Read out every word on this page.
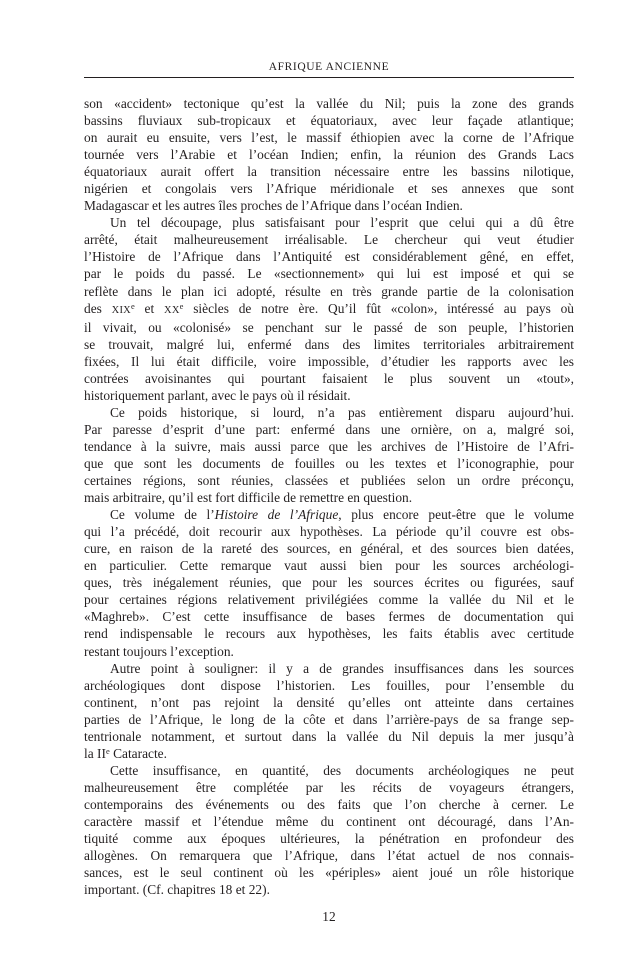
AFRIQUE ANCIENNE
son «accident» tectonique qu’est la vallée du Nil; puis la zone des grands
bassins fluviaux sub-tropicaux et équatoriaux, avec leur façade atlantique;
on aurait eu ensuite, vers l’est, le massif éthiopien avec la corne de l’Afrique
tournée vers l’Arabie et l’océan Indien; enfin, la réunion des Grands Lacs
équatoriaux aurait offert la transition nécessaire entre les bassins nilotique,
nigérien et congolais vers l’Afrique méridionale et ses annexes que sont
Madagascar et les autres îles proches de l’Afrique dans l’océan Indien.
Un tel découpage, plus satisfaisant pour l’esprit que celui qui a dû être
arrêté, était malheureusement irréalisable. Le chercheur qui veut étudier
l’Histoire de l’Afrique dans l’Antiquité est considérablement gêné, en effet,
par le poids du passé. Le «sectionnement» qui lui est imposé et qui se
reflète dans le plan ici adopté, résulte en très grande partie de la colonisation
des XIXe et XXe siècles de notre ère. Qu’il fût «colon», intéressé au pays où
il vivait, ou «colonisé» se penchant sur le passé de son peuple, l’historien
se trouvait, malgré lui, enfermé dans des limites territoriales arbitrairement
fixées, Il lui était difficile, voire impossible, d’étudier les rapports avec les
contrées avoisinantes qui pourtant faisaient le plus souvent un «tout»,
historiquement parlant, avec le pays où il résidait.
Ce poids historique, si lourd, n’a pas entièrement disparu aujourd’hui.
Par paresse d’esprit d’une part: enfermé dans une ornière, on a, malgré soi,
tendance à la suivre, mais aussi parce que les archives de l’Histoire de l’Afri-
que que sont les documents de fouilles ou les textes et l’iconographie, pour
certaines régions, sont réunies, classées et publiées selon un ordre préconçu,
mais arbitraire, qu’il est fort difficile de remettre en question.
Ce volume de l’Histoire de l’Afrique, plus encore peut-être que le volume
qui l’a précédé, doit recourir aux hypothèses. La période qu’il couvre est obs-
cure, en raison de la rareté des sources, en général, et des sources bien datées,
en particulier. Cette remarque vaut aussi bien pour les sources archéologi-
ques, très inégalement réunies, que pour les sources écrites ou figurées, sauf
pour certaines régions relativement privilégiées comme la vallée du Nil et le
«Maghreb». C’est cette insuffisance de bases fermes de documentation qui
rend indispensable le recours aux hypothèses, les faits établis avec certitude
restant toujours l’exception.
Autre point à souligner: il y a de grandes insuffisances dans les sources
archéologiques dont dispose l’historien. Les fouilles, pour l’ensemble du
continent, n’ont pas rejoint la densité qu’elles ont atteinte dans certaines
parties de l’Afrique, le long de la côte et dans l’arrière-pays de sa frange sep-
tentrionale notamment, et surtout dans la vallée du Nil depuis la mer jusqu’à
la IIe Cataracte.
Cette insuffisance, en quantité, des documents archéologiques ne peut
malheureusement être complétée par les récits de voyageurs étrangers,
contemporains des événements ou des faits que l’on cherche à cerner. Le
caractère massif et l’étendue même du continent ont découragé, dans l’An-
tiquité comme aux époques ultérieures, la pénétration en profondeur des
allogènes. On remarquera que l’Afrique, dans l’état actuel de nos connais-
sances, est le seul continent où les «périples» aient joué un rôle historique
important. (Cf. chapitres 18 et 22).
12
